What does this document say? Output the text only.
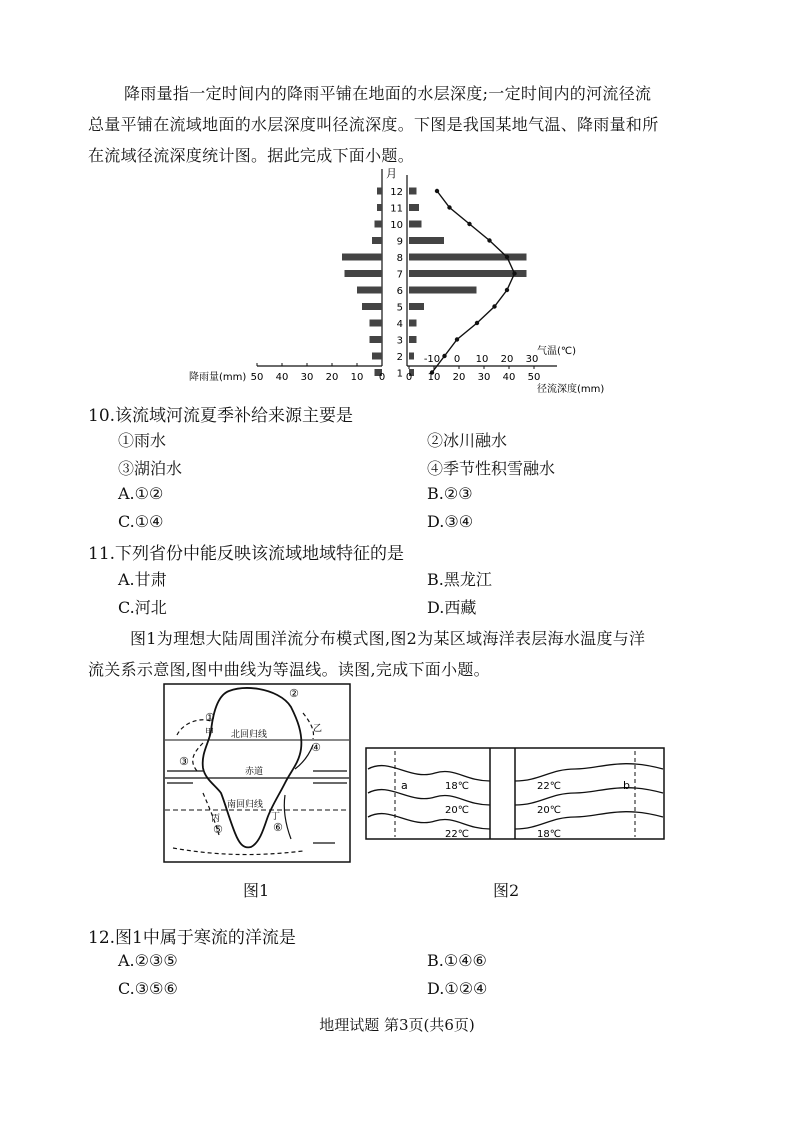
降雨量指一定时间内的降雨平铺在地面的水层深度;一定时间内的河流径流
总量平铺在流域地面的水层深度叫径流深度。下图是我国某地气温、降雨量和所
在流域径流深度统计图。据此完成下面小题。
月
1
2
3
4
5
6
7
8
9
10
11
12
50 40 30 20 10 0
降雨量(mm)
-10 0 10 20 30
气温(℃)
0 10 20 30 40 50
径流深度(mm)
10.该流域河流夏季补给来源主要是
①雨水	②冰川融水
③湖泊水	④季节性积雪融水
A.①②	B.②③
C.①④	D.③④
11.下列省份中能反映该流域地域特征的是
A.甘肃	B.黑龙江
C.河北	D.西藏
图1为理想大陆周围洋流分布模式图,图2为某区域海洋表层海水温度与洋
流关系示意图,图中曲线为等温线。读图,完成下面小题。
①
②
③
④
⑤	⑥
甲	乙
丙	丁
北回归线
赤道
南回归线
图1
a	18℃
20℃
22℃
b
22℃
20℃
18℃
图2
12.图1中属于寒流的洋流是
A.②③⑤	B.①④⑥
C.③⑤⑥	D.①②④
地理试题 第3页(共6页)
